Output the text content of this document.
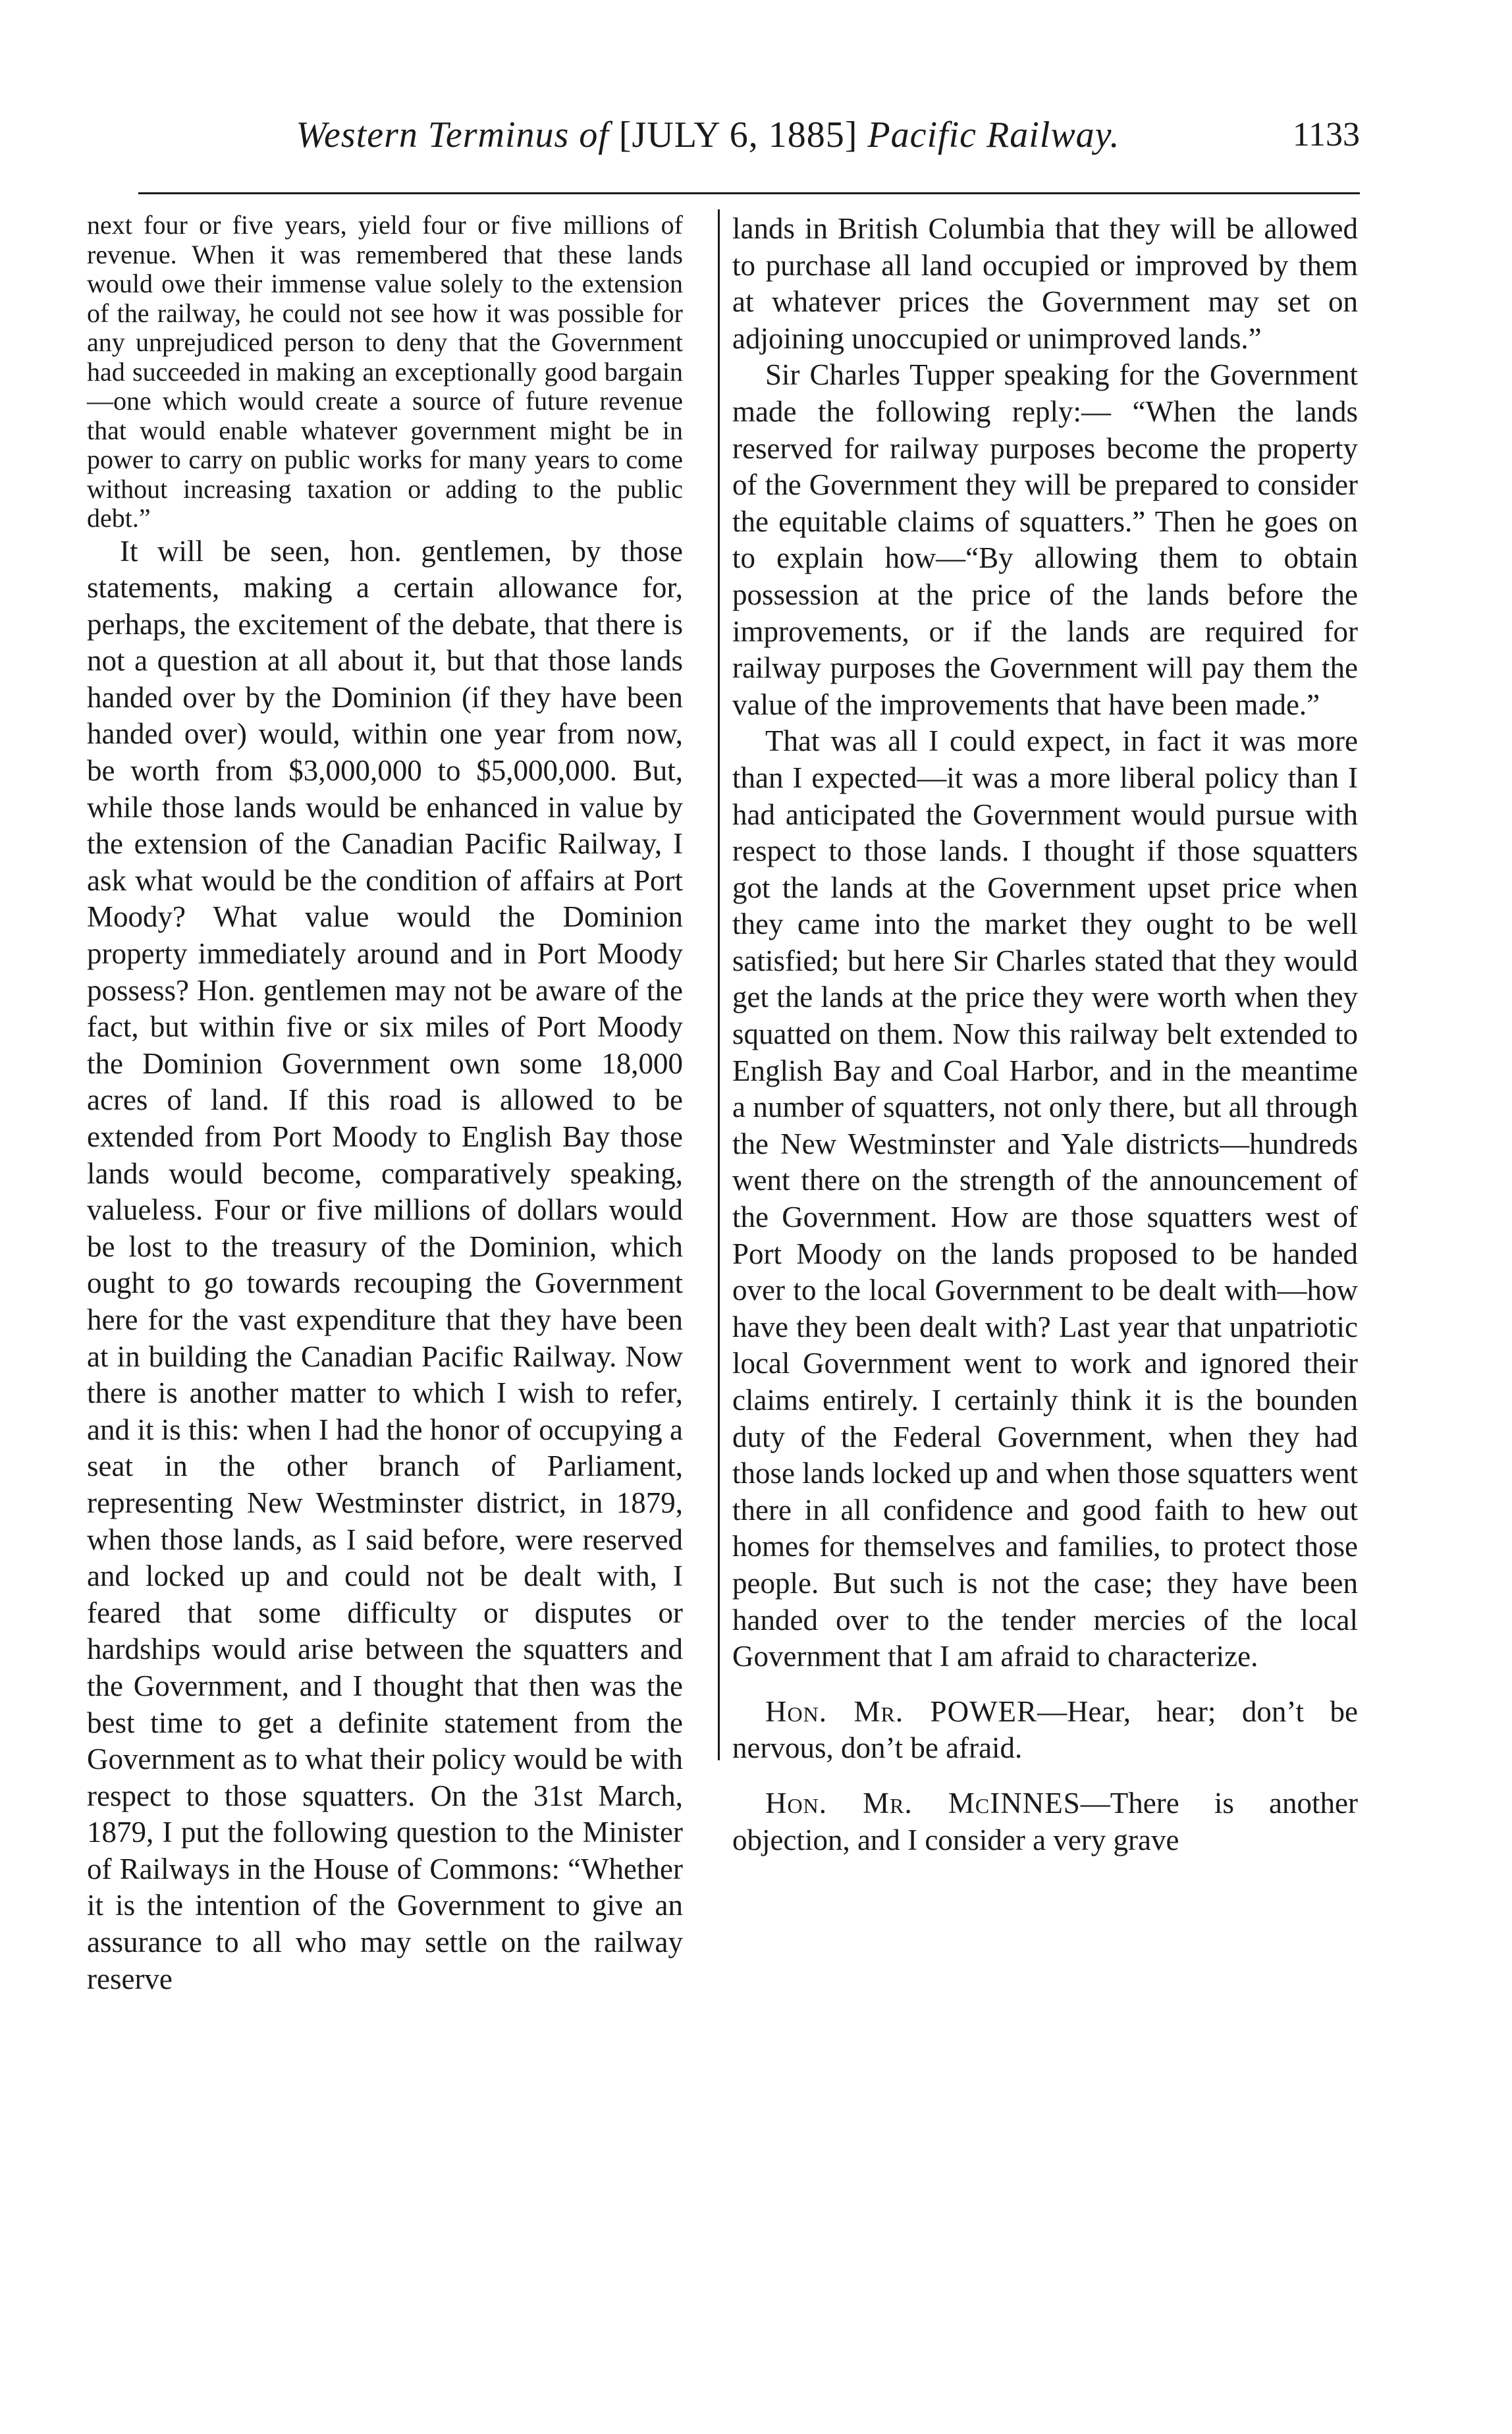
Western Terminus of [JULY 6, 1885] Pacific Railway.	1133

next four or five years, yield four or five millions of revenue. When it was remembered that these lands would owe their immense value solely to the extension of the railway, he could not see how it was possible for any unprejudiced person to deny that the Government had succeeded in making an exceptionally good bargain—one which would create a source of future revenue that would enable whatever government might be in power to carry on public works for many years to come without increasing taxation or adding to the public debt.”

It will be seen, hon. gentlemen, by those statements, making a certain allowance for, perhaps, the excitement of the debate, that there is not a question at all about it, but that those lands handed over by the Dominion (if they have been handed over) would, within one year from now, be worth from $3,000,000 to $5,000,000. But, while those lands would be enhanced in value by the extension of the Canadian Pacific Railway, I ask what would be the condition of affairs at Port Moody? What value would the Dominion property immediately around and in Port Moody possess? Hon. gentlemen may not be aware of the fact, but within five or six miles of Port Moody the Dominion Government own some 18,000 acres of land. If this road is allowed to be extended from Port Moody to English Bay those lands would become, comparatively speaking, valueless. Four or five millions of dollars would be lost to the treasury of the Dominion, which ought to go towards recouping the Government here for the vast expenditure that they have been at in building the Canadian Pacific Railway. Now there is another matter to which I wish to refer, and it is this: when I had the honor of occupying a seat in the other branch of Parliament, representing New Westminster district, in 1879, when those lands, as I said before, were reserved and locked up and could not be dealt with, I feared that some difficulty or disputes or hardships would arise between the squatters and the Government, and I thought that then was the best time to get a definite statement from the Government as to what their policy would be with respect to those squatters. On the 31st March, 1879, I put the following question to the Minister of Railways in the House of Commons: “Whether it is the intention of the Government to give an assurance to all who may settle on the railway reserve

lands in British Columbia that they will be allowed to purchase all land occupied or improved by them at whatever prices the Government may set on adjoining unoccupied or unimproved lands.”

Sir Charles Tupper speaking for the Government made the following reply:— “When the lands reserved for railway purposes become the property of the Government they will be prepared to consider the equitable claims of squatters.” Then he goes on to explain how—“By allowing them to obtain possession at the price of the lands before the improvements, or if the lands are required for railway purposes the Government will pay them the value of the improvements that have been made.”

That was all I could expect, in fact it was more than I expected—it was a more liberal policy than I had anticipated the Government would pursue with respect to those lands. I thought if those squatters got the lands at the Government upset price when they came into the market they ought to be well satisfied; but here Sir Charles stated that they would get the lands at the price they were worth when they squatted on them. Now this railway belt extended to English Bay and Coal Harbor, and in the meantime a number of squatters, not only there, but all through the New Westminster and Yale districts—hundreds went there on the strength of the announcement of the Government. How are those squatters west of Port Moody on the lands proposed to be handed over to the local Government to be dealt with—how have they been dealt with? Last year that unpatriotic local Government went to work and ignored their claims entirely. I certainly think it is the bounden duty of the Federal Government, when they had those lands locked up and when those squatters went there in all confidence and good faith to hew out homes for themselves and families, to protect those people. But such is not the case; they have been handed over to the tender mercies of the local Government that I am afraid to characterize.

Hon. Mr. POWER—Hear, hear; don’t be nervous, don’t be afraid.

Hon. Mr. McINNES—There is another objection, and I consider a very grave
